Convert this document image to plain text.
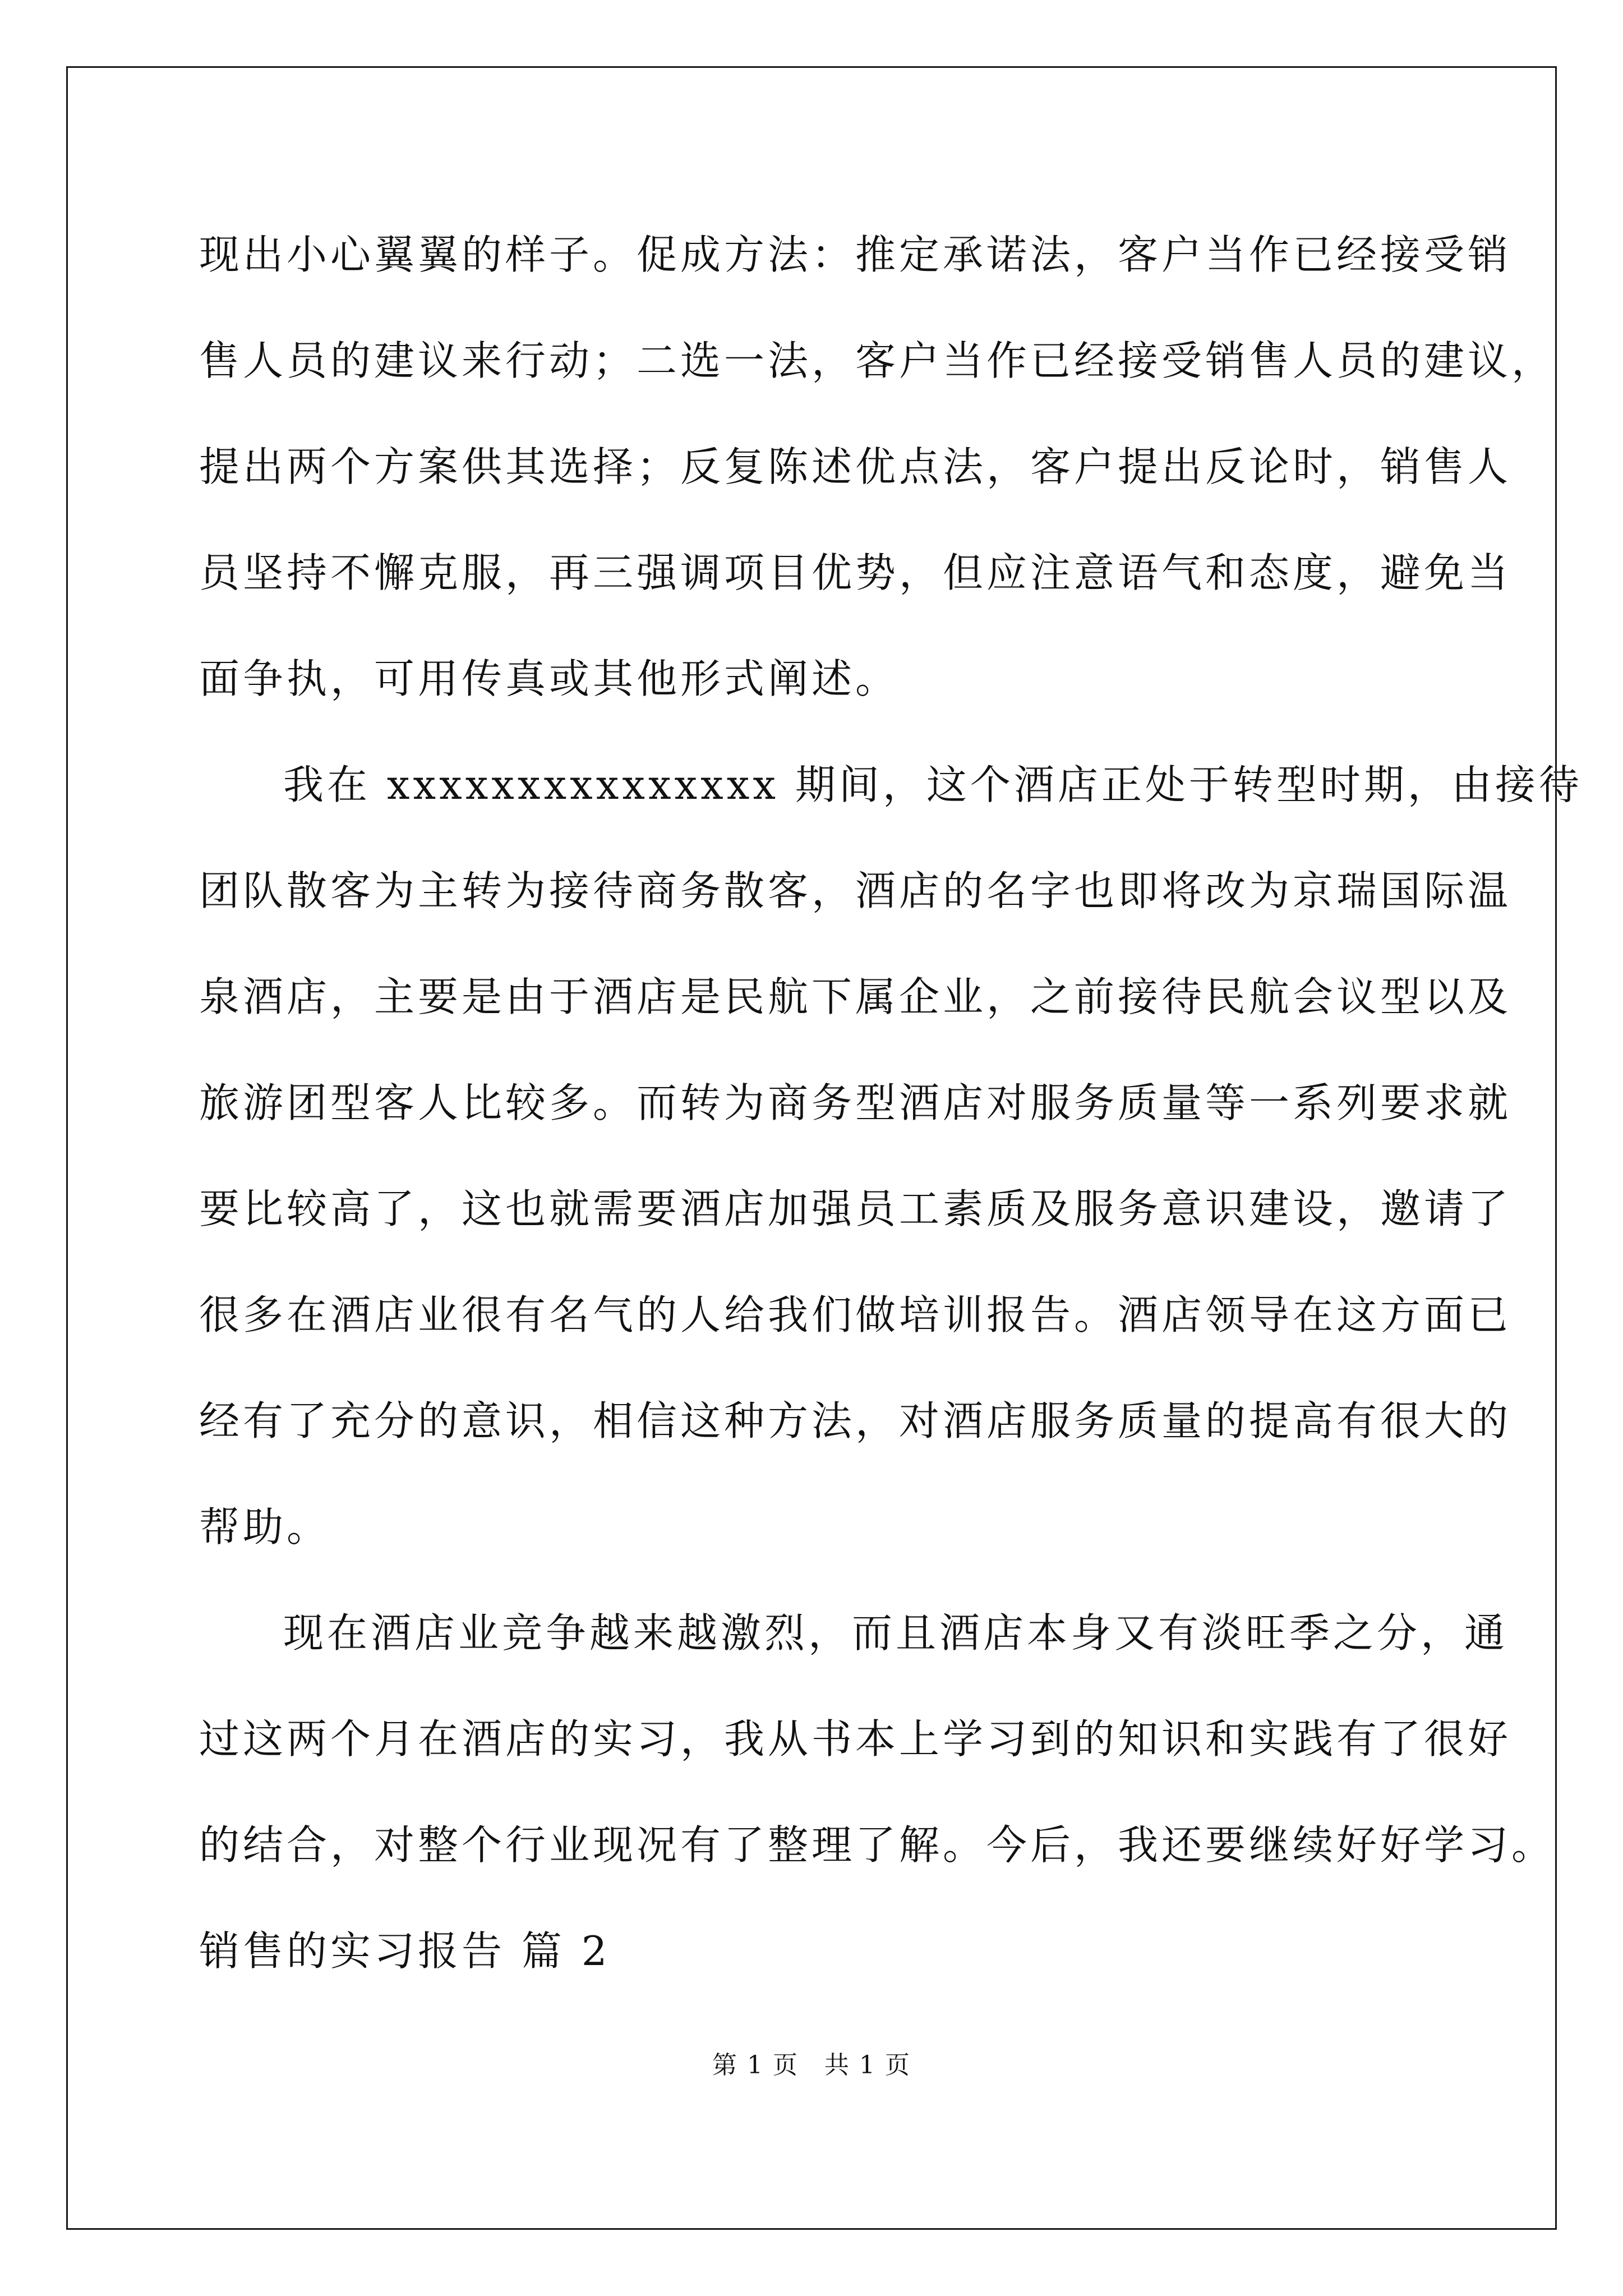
现出小心翼翼的样子。促成方法：推定承诺法，客户当作已经接受销
售人员的建议来行动；二选一法，客户当作已经接受销售人员的建议，
提出两个方案供其选择；反复陈述优点法，客户提出反论时，销售人
员坚持不懈克服，再三强调项目优势，但应注意语气和态度，避免当
面争执，可用传真或其他形式阐述。
我在 xxxxxxxxxxxxxxx 期间，这个酒店正处于转型时期，由接待
团队散客为主转为接待商务散客，酒店的名字也即将改为京瑞国际温
泉酒店，主要是由于酒店是民航下属企业，之前接待民航会议型以及
旅游团型客人比较多。而转为商务型酒店对服务质量等一系列要求就
要比较高了，这也就需要酒店加强员工素质及服务意识建设，邀请了
很多在酒店业很有名气的人给我们做培训报告。酒店领导在这方面已
经有了充分的意识，相信这种方法，对酒店服务质量的提高有很大的
帮助。
现在酒店业竞争越来越激烈，而且酒店本身又有淡旺季之分，通
过这两个月在酒店的实习，我从书本上学习到的知识和实践有了很好
的结合，对整个行业现况有了整理了解。今后，我还要继续好好学习。
销售的实习报告 篇 2
第 1 页　共 1 页
